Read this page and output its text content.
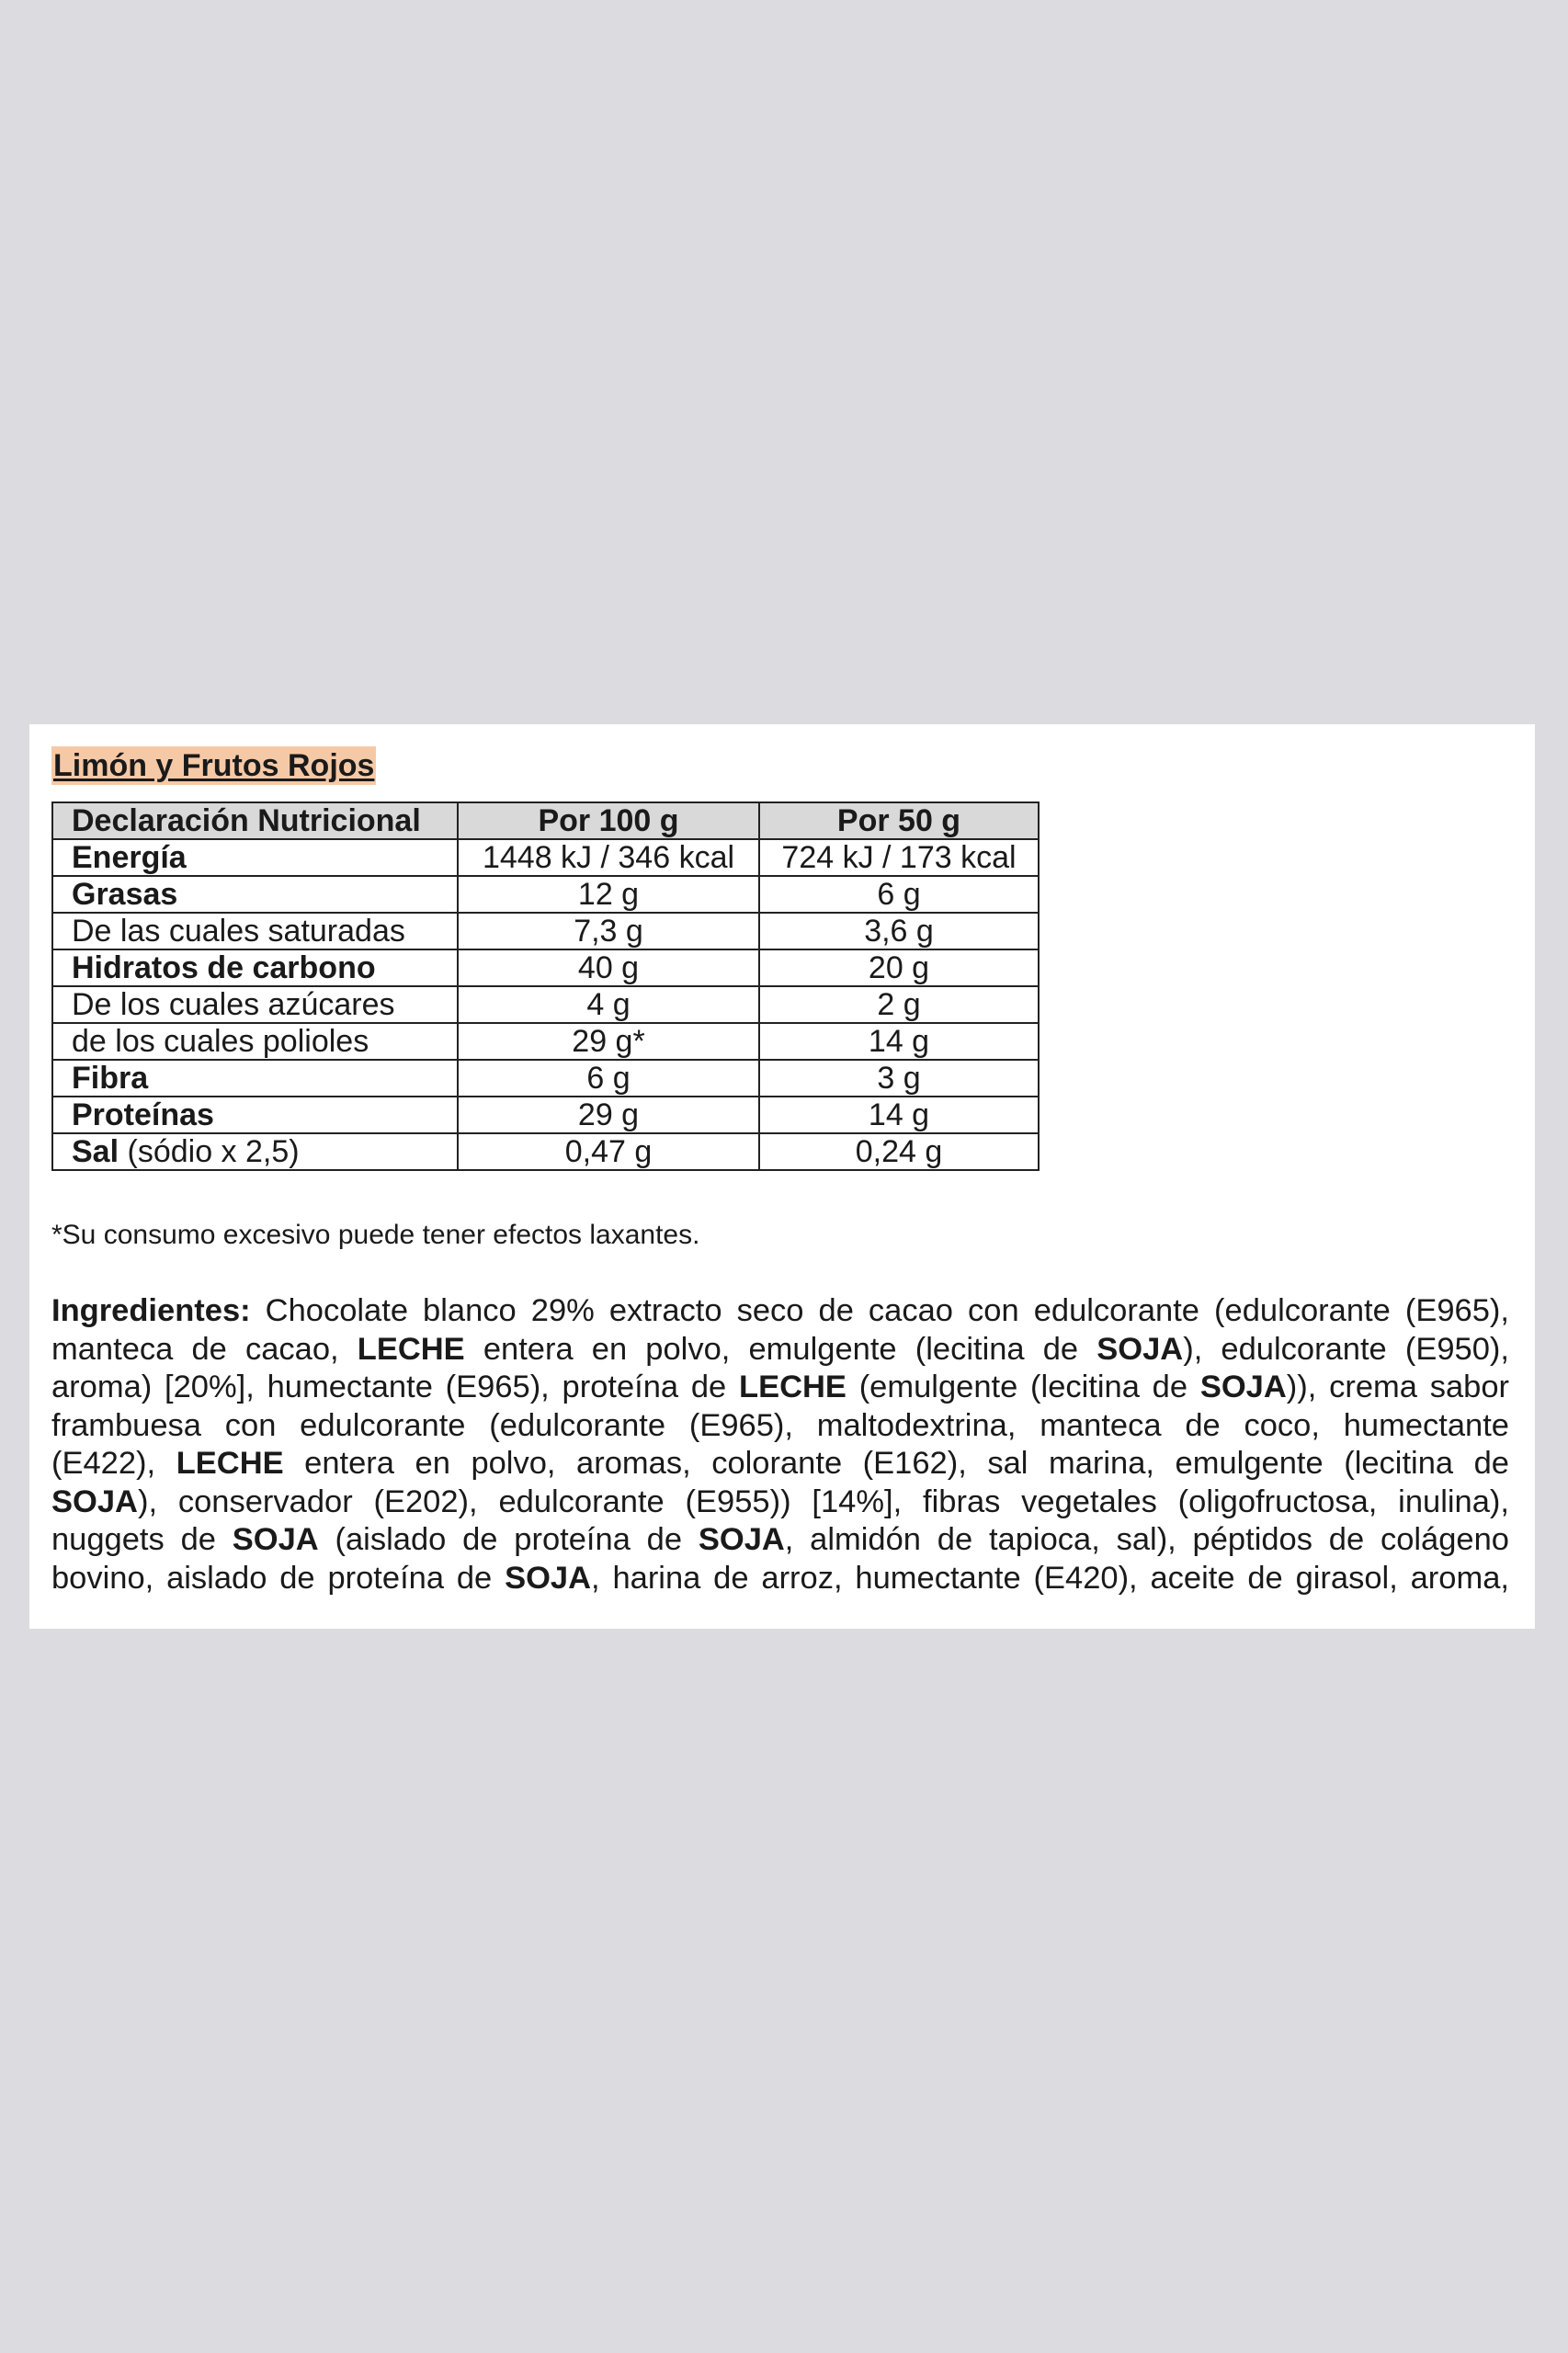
Limón y Frutos Rojos
Declaración Nutricional	Por 100 g	Por 50 g
Energía	1448 kJ / 346 kcal	724 kJ / 173 kcal
Grasas	12 g	6 g
De las cuales saturadas	7,3 g	3,6 g
Hidratos de carbono	40 g	20 g
De los cuales azúcares	4 g	2 g
de los cuales polioles	29 g*	14 g
Fibra	6 g	3 g
Proteínas	29 g	14 g
Sal (sódio x 2,5)	0,47 g	0,24 g
*Su consumo excesivo puede tener efectos laxantes.
Ingredientes: Chocolate blanco 29% extracto seco de cacao con edulcorante (edulcorante (E965),
manteca de cacao, LECHE entera en polvo, emulgente (lecitina de SOJA), edulcorante (E950),
aroma) [20%], humectante (E965), proteína de LECHE (emulgente (lecitina de SOJA)), crema sabor
frambuesa con edulcorante (edulcorante (E965), maltodextrina, manteca de coco, humectante
(E422), LECHE entera en polvo, aromas, colorante (E162), sal marina, emulgente (lecitina de
SOJA), conservador (E202), edulcorante (E955)) [14%], fibras vegetales (oligofructosa, inulina),
nuggets de SOJA (aislado de proteína de SOJA, almidón de tapioca, sal), péptidos de colágeno
bovino, aislado de proteína de SOJA, harina de arroz, humectante (E420), aceite de girasol, aroma,
